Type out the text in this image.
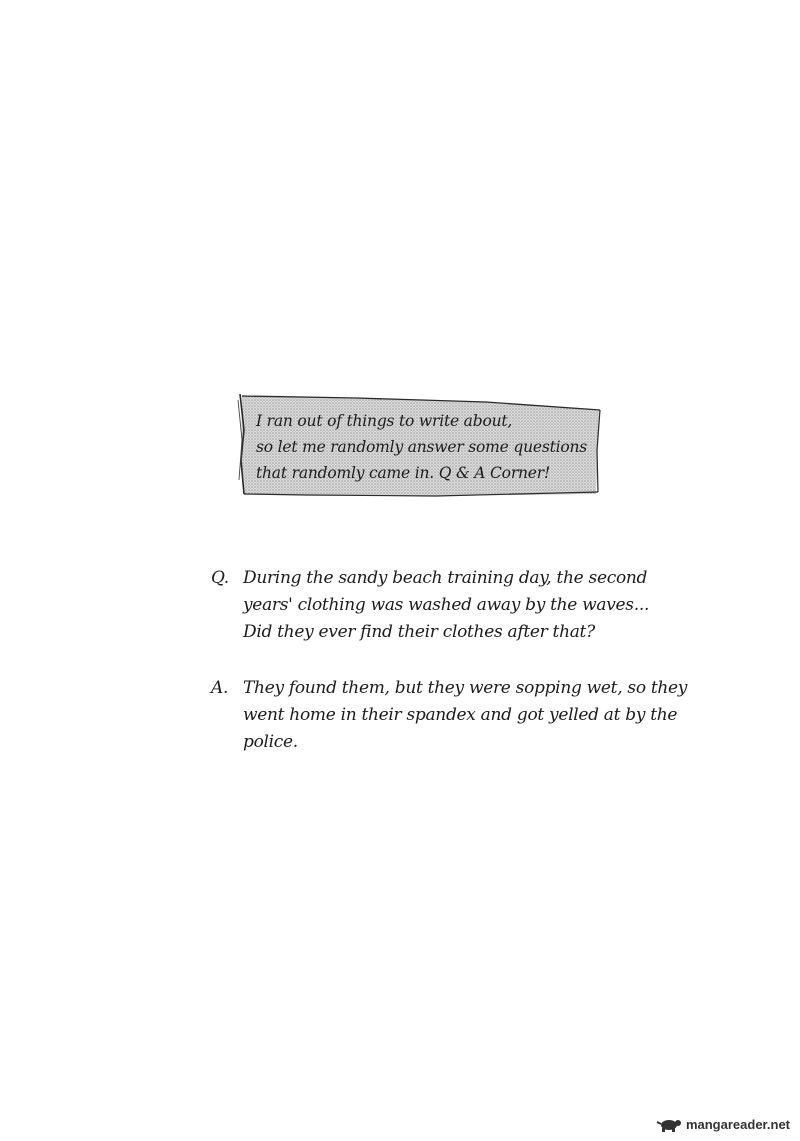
I ran out of things to write about,
so let me randomly answer some questions
that randomly came in. Q & A Corner!
Q. During the sandy beach training day, the second
years' clothing was washed away by the waves...
Did they ever find their clothes after that?
A. They found them, but they were sopping wet, so they
went home in their spandex and got yelled at by the
police.
mangareader.net
